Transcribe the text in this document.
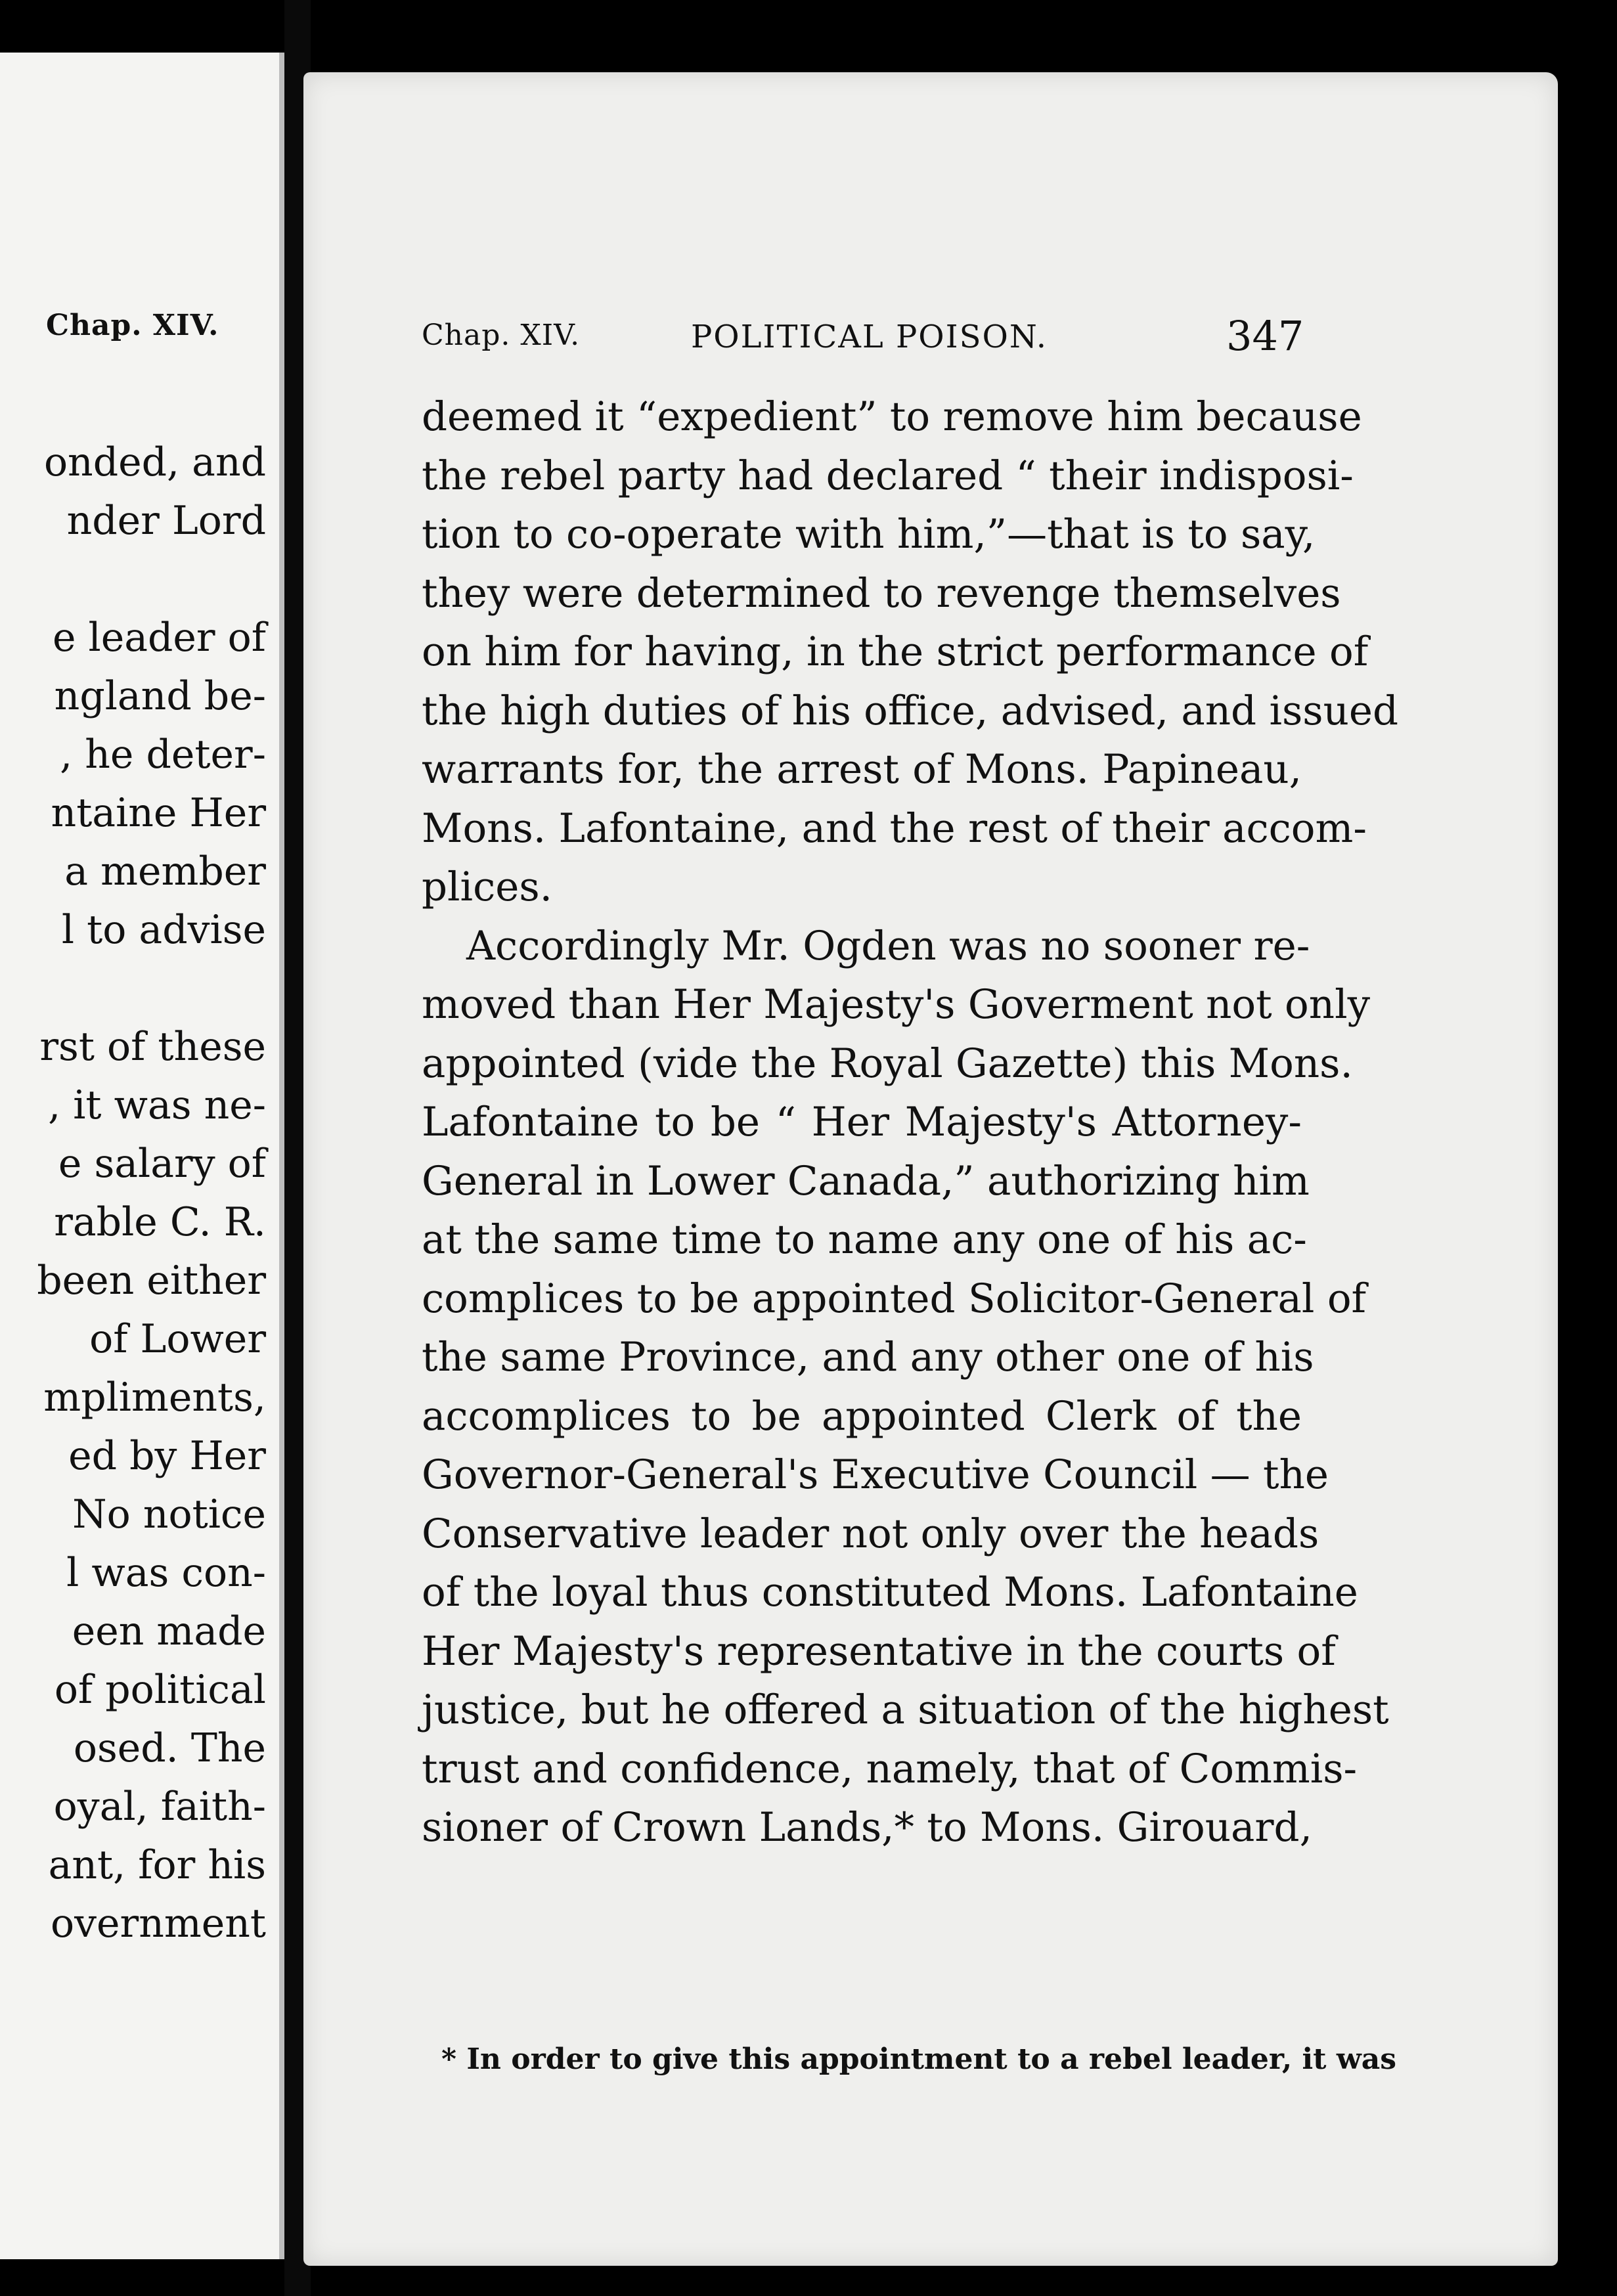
Chap. XIV.
onded, and
nder Lord
e leader of
ngland be-
, he deter-
ntaine Her
a member
l to advise
rst of these
, it was ne-
e salary of
rable C. R.
been either
of Lower
mpliments,
ed by Her
No notice
l was con-
een made
of political
osed. The
oyal, faith-
ant, for his
overnment
Chap. XIV.	POLITICAL POISON.	347
deemed it “expedient” to remove him because
the rebel party had declared “ their indisposi-
tion to co-operate with him,”—that is to say,
they were determined to revenge themselves
on him for having, in the strict performance of
the high duties of his office, advised, and issued
warrants for, the arrest of Mons. Papineau,
Mons. Lafontaine, and the rest of their accom-
plices.
Accordingly Mr. Ogden was no sooner re-
moved than Her Majesty's Goverment not only
appointed (vide the Royal Gazette) this Mons.
Lafontaine to be “ Her Majesty's Attorney-
General in Lower Canada,” authorizing him
at the same time to name any one of his ac-
complices to be appointed Solicitor-General of
the same Province, and any other one of his
accomplices to be appointed Clerk of the
Governor-General's Executive Council — the
Conservative leader not only over the heads
of the loyal thus constituted Mons. Lafontaine
Her Majesty's representative in the courts of
justice, but he offered a situation of the highest
trust and confidence, namely, that of Commis-
sioner of Crown Lands,* to Mons. Girouard,
* In order to give this appointment to a rebel leader, it was
